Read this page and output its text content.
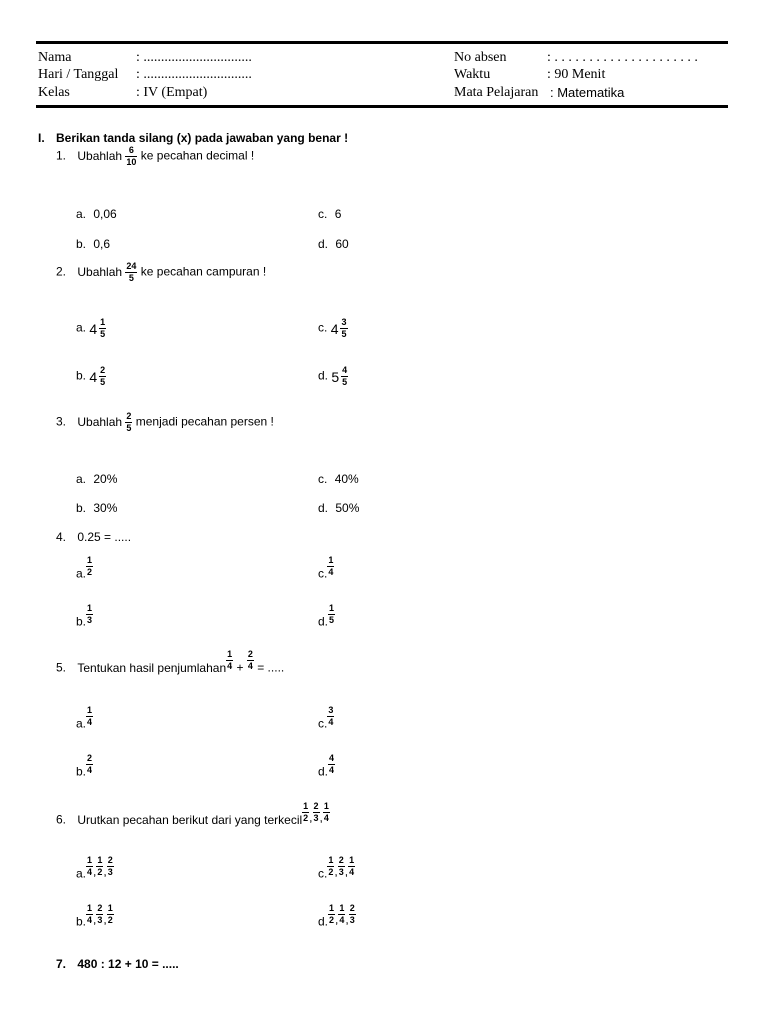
Nama	: ...............................
Hari / Tanggal : ...............................
Kelas	: IV (Empat)
No absen	: . . . . . . . . . . . . . . . . . . . . .
Waktu	: 90 Menit
Mata Pelajaran : Matematika
I. Berikan tanda silang (x) pada jawaban yang benar !
1. Ubahlah $\frac{6}{10}$ ke pecahan decimal !
a. 0,06
b. 0,6
c. 6
d. 60
2. Ubahlah $\frac{24}{5}$ ke pecahan campuran !
a. $4 \frac{1}{5}$
b. $4 \frac{2}{5}$
c. $4 \frac{3}{5}$
d. $5 \frac{4}{5}$
3. Ubahlah $\frac{2}{5}$ menjadi pecahan persen !
a. 20%
b. 30%
c. 40%
d. 50%
4. 0.25 = .....
a. $\frac{1}{2}$
b. $\frac{1}{3}$
c. $\frac{1}{4}$
d. $\frac{1}{5}$
5. Tentukan hasil penjumlahan $\frac{1}{4} + \frac{2}{4}$ = .....
a. $\frac{1}{4}$
b. $\frac{2}{4}$
c. $\frac{3}{4}$
d. $\frac{4}{4}$
6. Urutkan pecahan berikut dari yang terkecil $\frac{1}{2}$ , $\frac{2}{3}$ , $\frac{1}{4}$
a. $\frac{1}{4}$ , $\frac{1}{2}$ , $\frac{2}{3}$
b. $\frac{1}{4}$ , $\frac{2}{3}$ , $\frac{1}{2}$
c. $\frac{1}{2}$ , $\frac{2}{3}$ , $\frac{1}{4}$
d. $\frac{1}{2}$ , $\frac{1}{4}$ , $\frac{2}{3}$
7. 480 : 12 + 10 = .....
